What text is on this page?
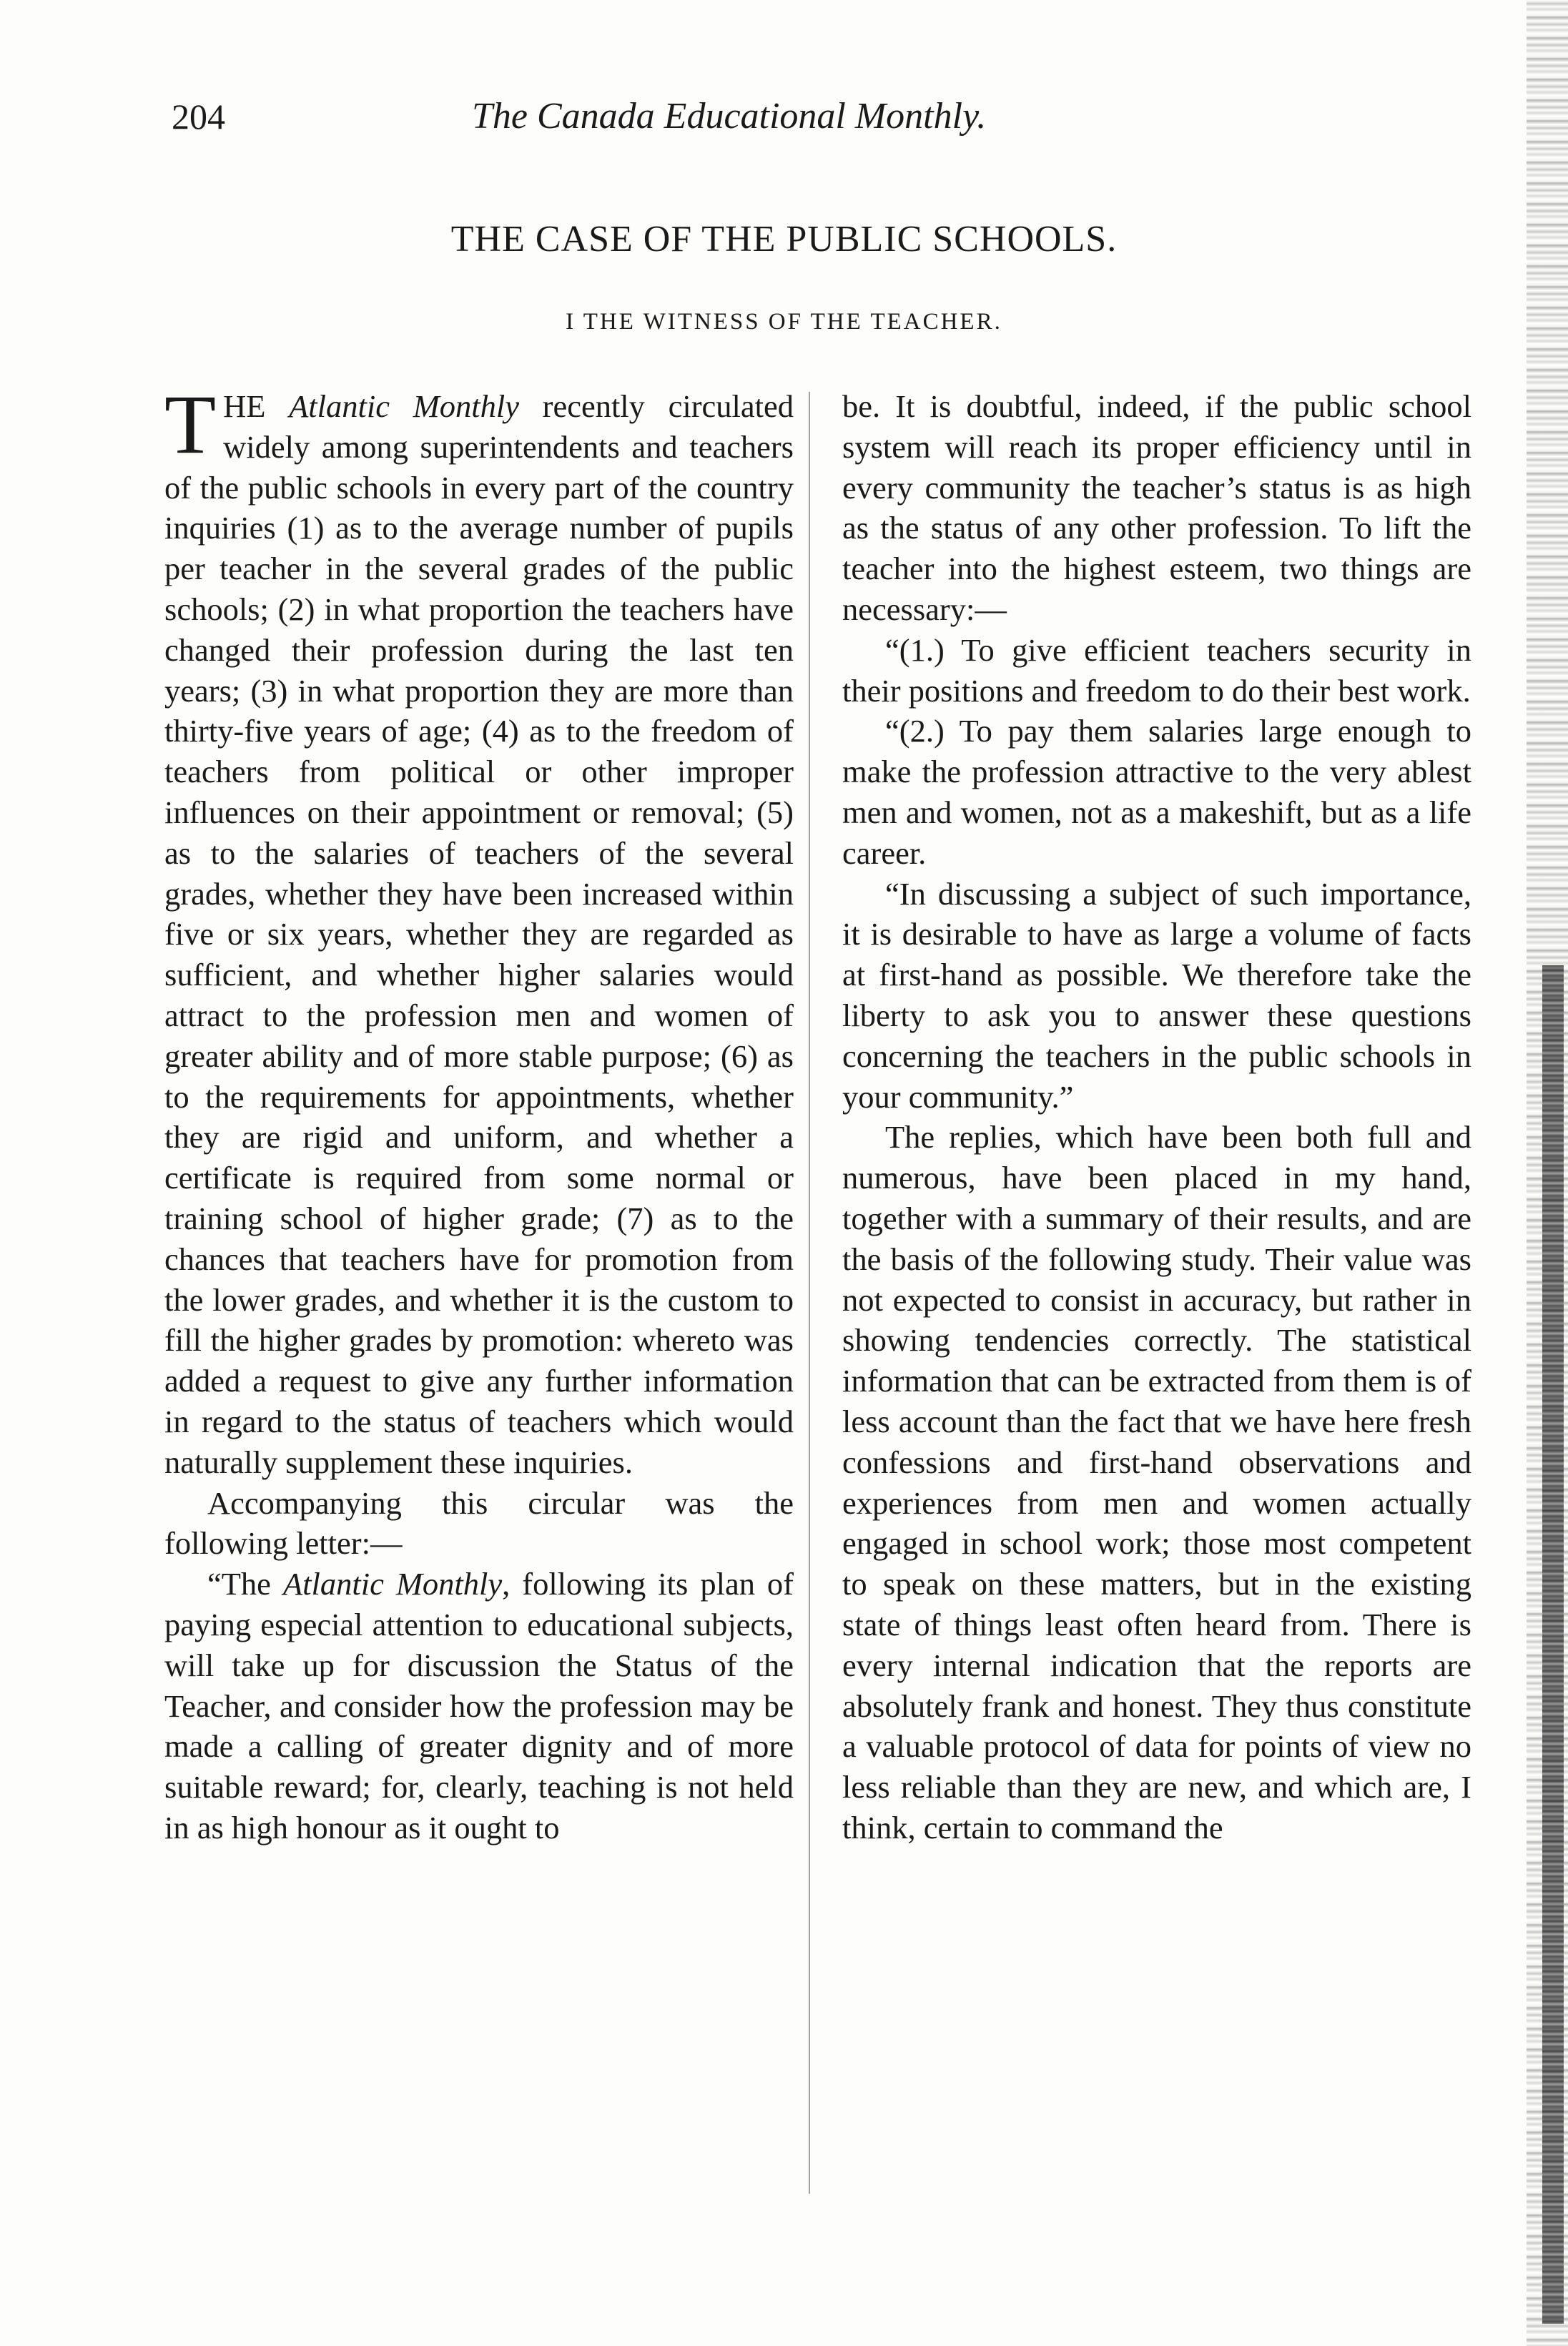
204	The Canada Educational Monthly.
THE CASE OF THE PUBLIC SCHOOLS.
I THE WITNESS OF THE TEACHER.

THE Atlantic Monthly recently circulated widely among superintendents and teachers of the public schools in every part of the country inquiries (1) as to the average number of pupils per teacher in the several grades of the public schools; (2) in what proportion the teachers have changed their profession during the last ten years; (3) in what proportion they are more than thirty-five years of age; (4) as to the freedom of teachers from political or other improper influences on their appointment or removal; (5) as to the salaries of teachers of the several grades, whether they have been increased within five or six years, whether they are regarded as sufficient, and whether higher salaries would attract to the profession men and women of greater ability and of more stable purpose; (6) as to the requirements for appointments, whether they are rigid and uniform, and whether a certificate is required from some normal or training school of higher grade; (7) as to the chances that teachers have for promotion from the lower grades, and whether it is the custom to fill the higher grades by promotion: whereto was added a request to give any further information in regard to the status of teachers which would naturally supplement these inquiries.

Accompanying this circular was the following letter:—

“The Atlantic Monthly, following its plan of paying especial attention to educational subjects, will take up for discussion the Status of the Teacher, and consider how the profession may be made a calling of greater dignity and of more suitable reward; for, clearly, teaching is not held in as high honour as it ought to

be. It is doubtful, indeed, if the public school system will reach its proper efficiency until in every community the teacher’s status is as high as the status of any other profession. To lift the teacher into the highest esteem, two things are necessary:—

“(1.) To give efficient teachers security in their positions and freedom to do their best work.

“(2.) To pay them salaries large enough to make the profession attractive to the very ablest men and women, not as a makeshift, but as a life career.

“In discussing a subject of such importance, it is desirable to have as large a volume of facts at first-hand as possible. We therefore take the liberty to ask you to answer these questions concerning the teachers in the public schools in your community.”

The replies, which have been both full and numerous, have been placed in my hand, together with a summary of their results, and are the basis of the following study. Their value was not expected to consist in accuracy, but rather in showing tendencies correctly. The statistical information that can be extracted from them is of less account than the fact that we have here fresh confessions and first-hand observations and experiences from men and women actually engaged in school work; those most competent to speak on these matters, but in the existing state of things least often heard from. There is every internal indication that the reports are absolutely frank and honest. They thus constitute a valuable protocol of data for points of view no less reliable than they are new, and which are, I think, certain to command the
